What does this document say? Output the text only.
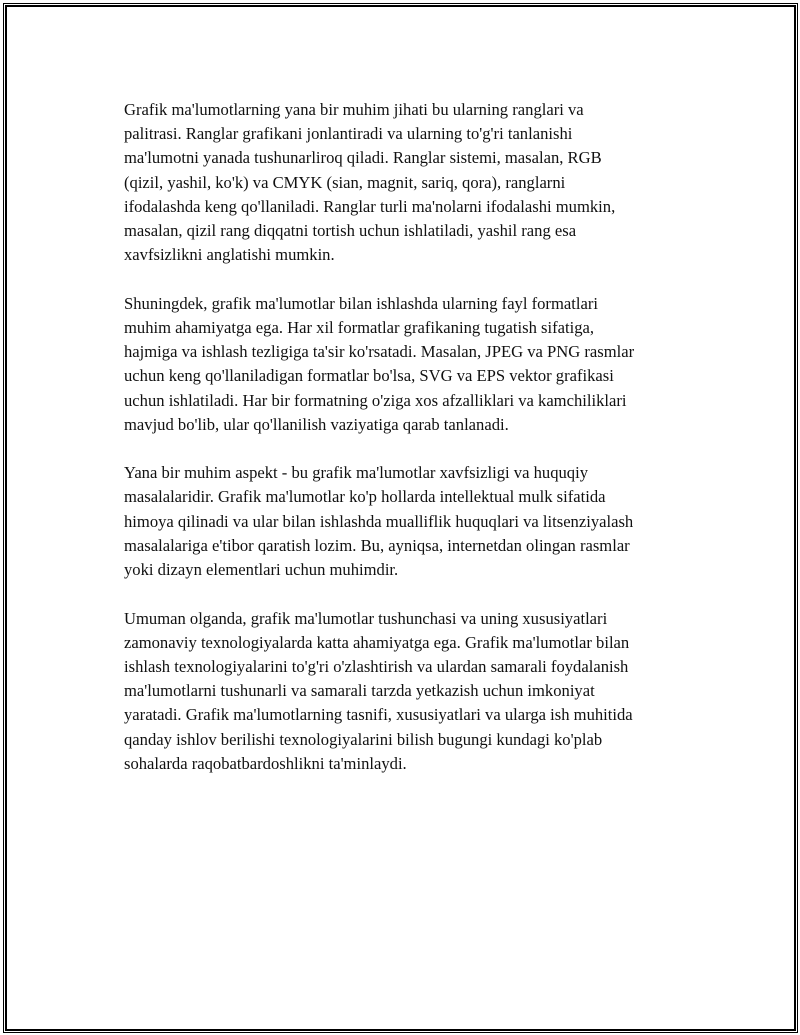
Grafik ma'lumotlarning yana bir muhim jihati bu ularning ranglari va
palitrasi. Ranglar grafikani jonlantiradi va ularning to'g'ri tanlanishi
ma'lumotni yanada tushunarliroq qiladi. Ranglar sistemi, masalan, RGB
(qizil, yashil, ko'k) va CMYK (sian, magnit, sariq, qora), ranglarni
ifodalashda keng qo'llaniladi. Ranglar turli ma'nolarni ifodalashi mumkin,
masalan, qizil rang diqqatni tortish uchun ishlatiladi, yashil rang esa
xavfsizlikni anglatishi mumkin.

Shuningdek, grafik ma'lumotlar bilan ishlashda ularning fayl formatlari
muhim ahamiyatga ega. Har xil formatlar grafikaning tugatish sifatiga,
hajmiga va ishlash tezligiga ta'sir ko'rsatadi. Masalan, JPEG va PNG rasmlar
uchun keng qo'llaniladigan formatlar bo'lsa, SVG va EPS vektor grafikasi
uchun ishlatiladi. Har bir formatning o'ziga xos afzalliklari va kamchiliklari
mavjud bo'lib, ular qo'llanilish vaziyatiga qarab tanlanadi.

Yana bir muhim aspekt - bu grafik ma'lumotlar xavfsizligi va huquqiy
masalalaridir. Grafik ma'lumotlar ko'p hollarda intellektual mulk sifatida
himoya qilinadi va ular bilan ishlashda mualliflik huquqlari va litsenziyalash
masalalariga e'tibor qaratish lozim. Bu, ayniqsa, internetdan olingan rasmlar
yoki dizayn elementlari uchun muhimdir.

Umuman olganda, grafik ma'lumotlar tushunchasi va uning xususiyatlari
zamonaviy texnologiyalarda katta ahamiyatga ega. Grafik ma'lumotlar bilan
ishlash texnologiyalarini to'g'ri o'zlashtirish va ulardan samarali foydalanish
ma'lumotlarni tushunarli va samarali tarzda yetkazish uchun imkoniyat
yaratadi. Grafik ma'lumotlarning tasnifi, xususiyatlari va ularga ish muhitida
qanday ishlov berilishi texnologiyalarini bilish bugungi kundagi ko'plab
sohalarda raqobatbardoshlikni ta'minlaydi.
